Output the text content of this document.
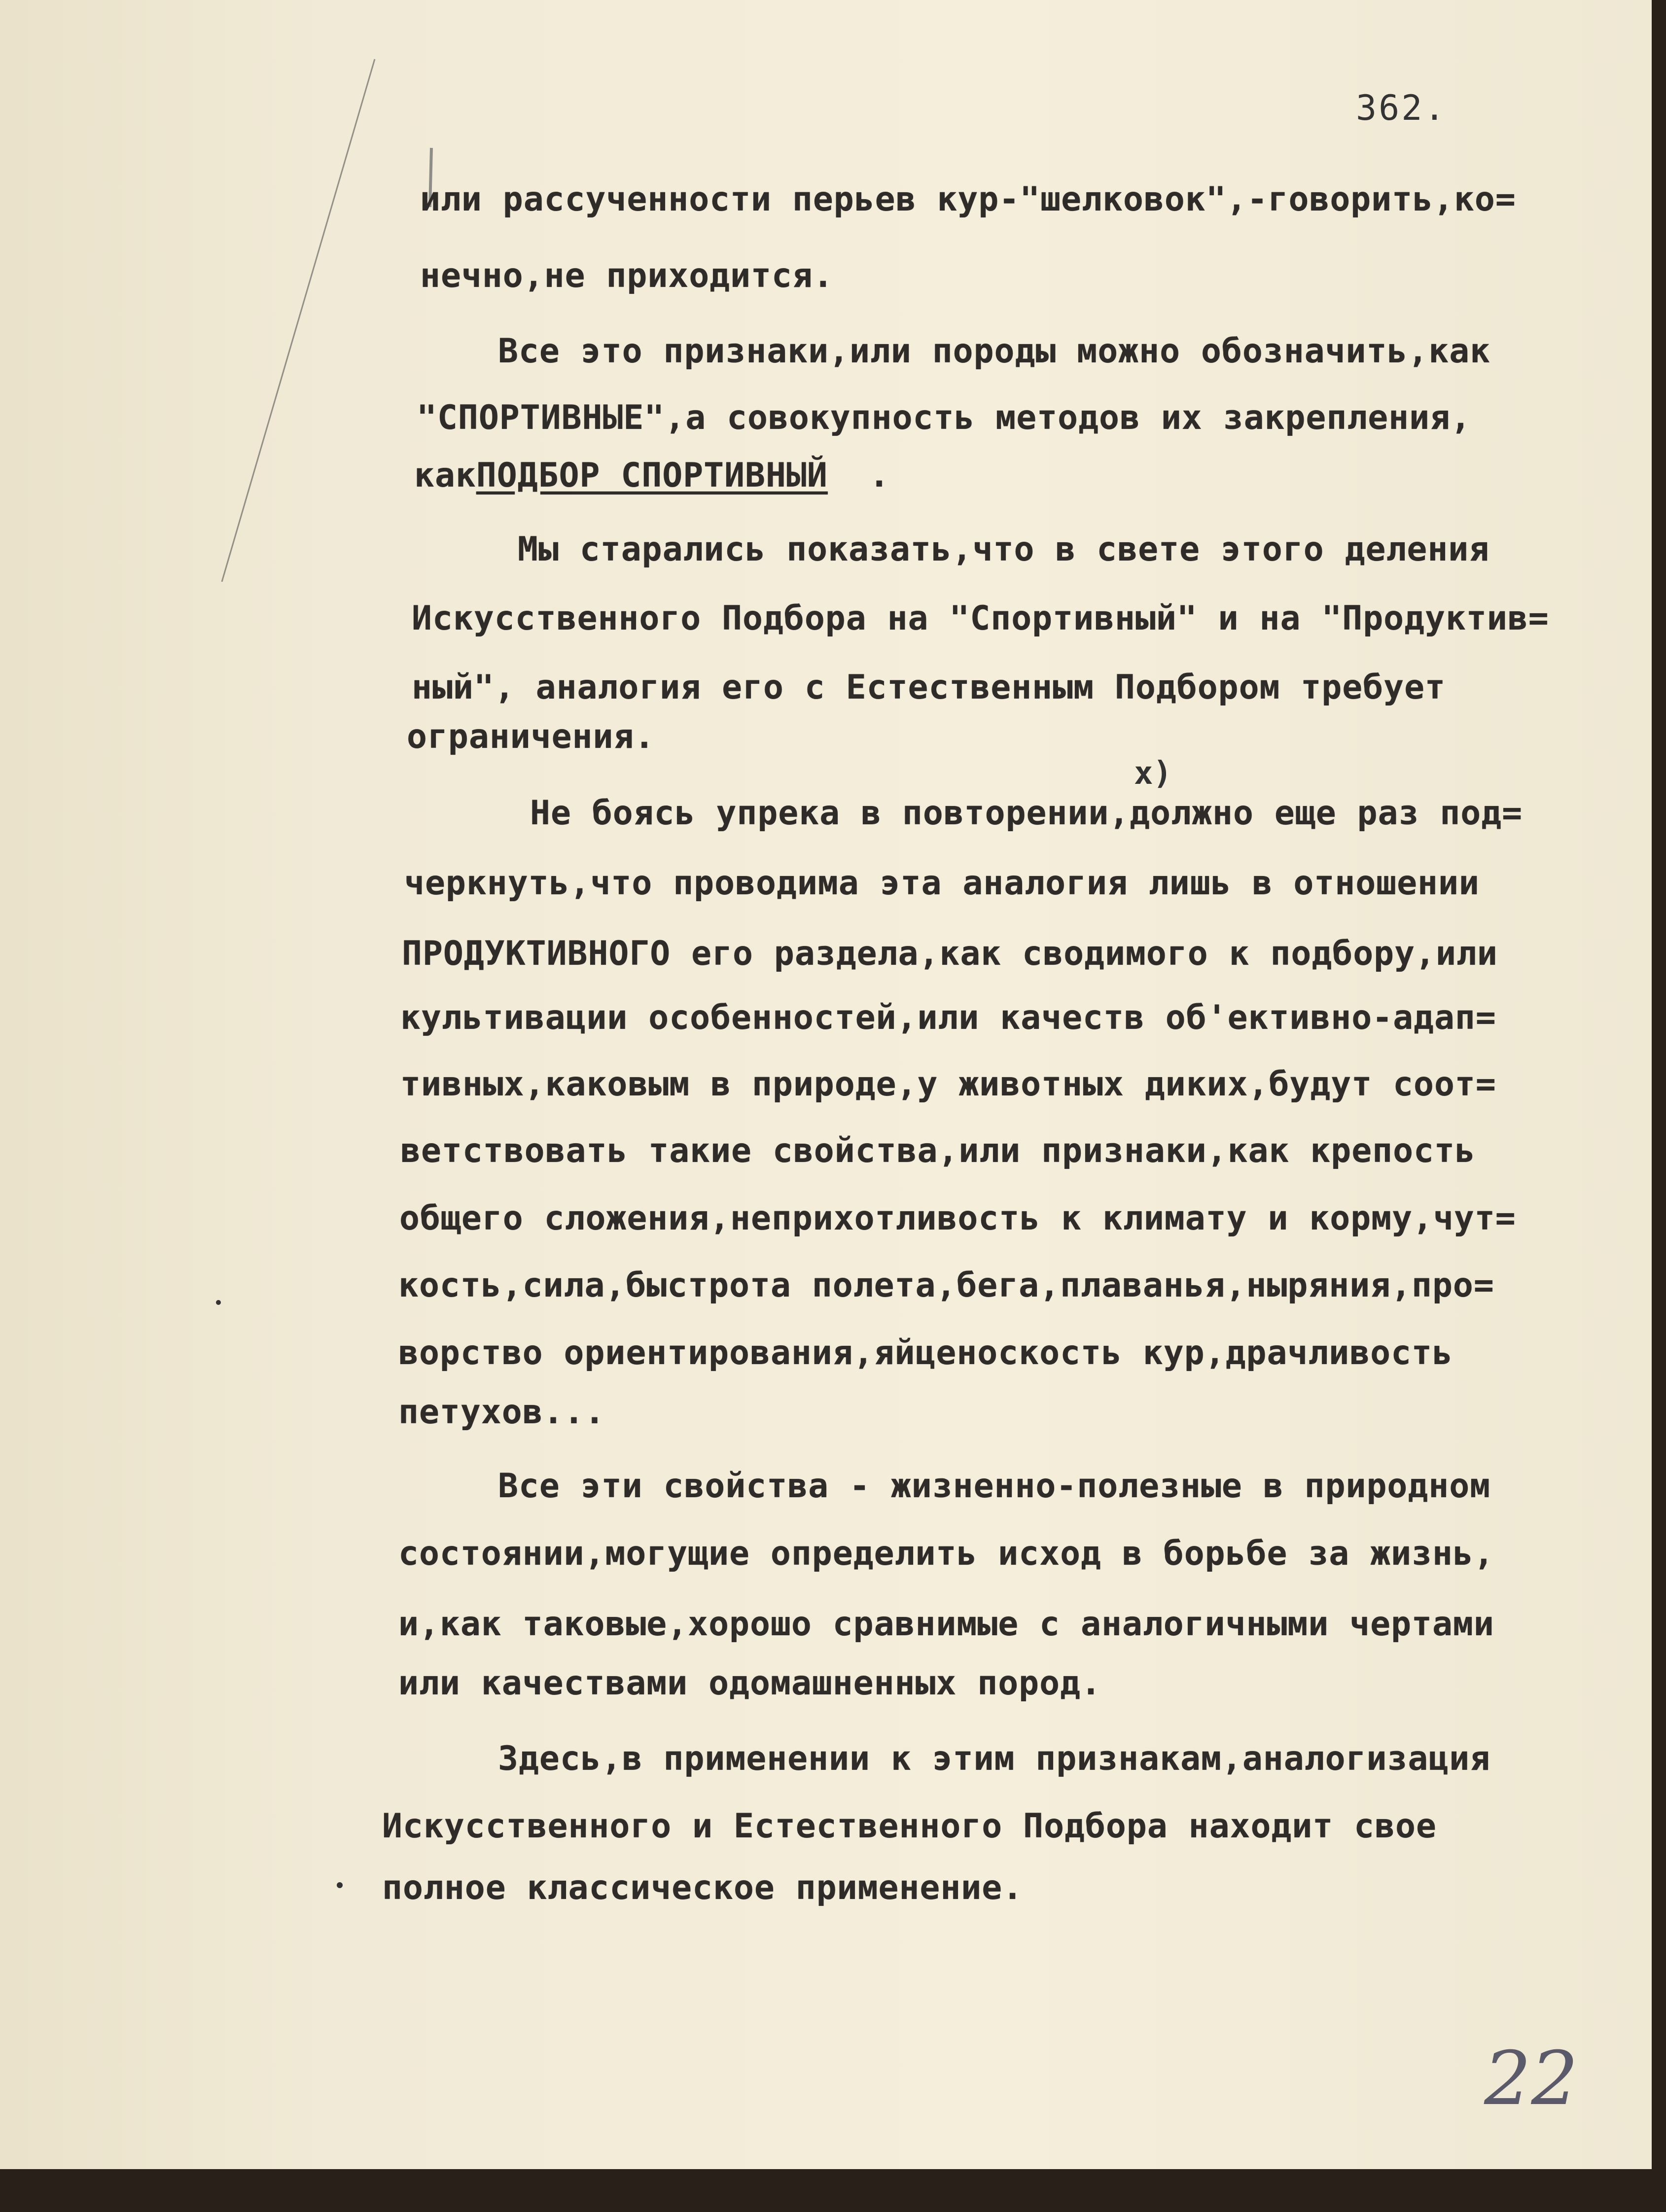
362.

или рассученности перьев кур-"шелковок",-говорить,ко=

нечно,не приходится.

Все это признаки,или породы можно обозначить,как

"СПОРТИВНЫЕ",а совокупность методов их закрепления,

какПОДБОР СПОРТИВНЫЙ .

Мы старались показать,что в свете этого деления

Искусственного Подбора на "Спортивный" и на "Продуктив=

ный", аналогия его с Естественным Подбором требует

ограничения.

x)

Не боясь упрека в повторении,должно еще раз под=

черкнуть,что проводима эта аналогия лишь в отношении

ПРОДУКТИВНОГО его раздела,как сводимого к подбору,или

культивации особенностей,или качеств об'ективно-адап=

тивных,каковым в природе,у животных диких,будут соот=

ветствовать такие свойства,или признаки,как крепость

общего сложения,неприхотливость к климату и корму,чут=

кость,сила,быстрота полета,бега,плаванья,ныряния,про=

ворство ориентирования,яйценоскость кур,драчливость

петухов...

Все эти свойства - жизненно-полезные в природном

состоянии,могущие определить исход в борьбе за жизнь,

и,как таковые,хорошо сравнимые с аналогичными чертами

или качествами одомашненных пород.

Здесь,в применении к этим признакам,аналогизация

Искусственного и Естественного Подбора находит свое

полное классическое применение.

22
